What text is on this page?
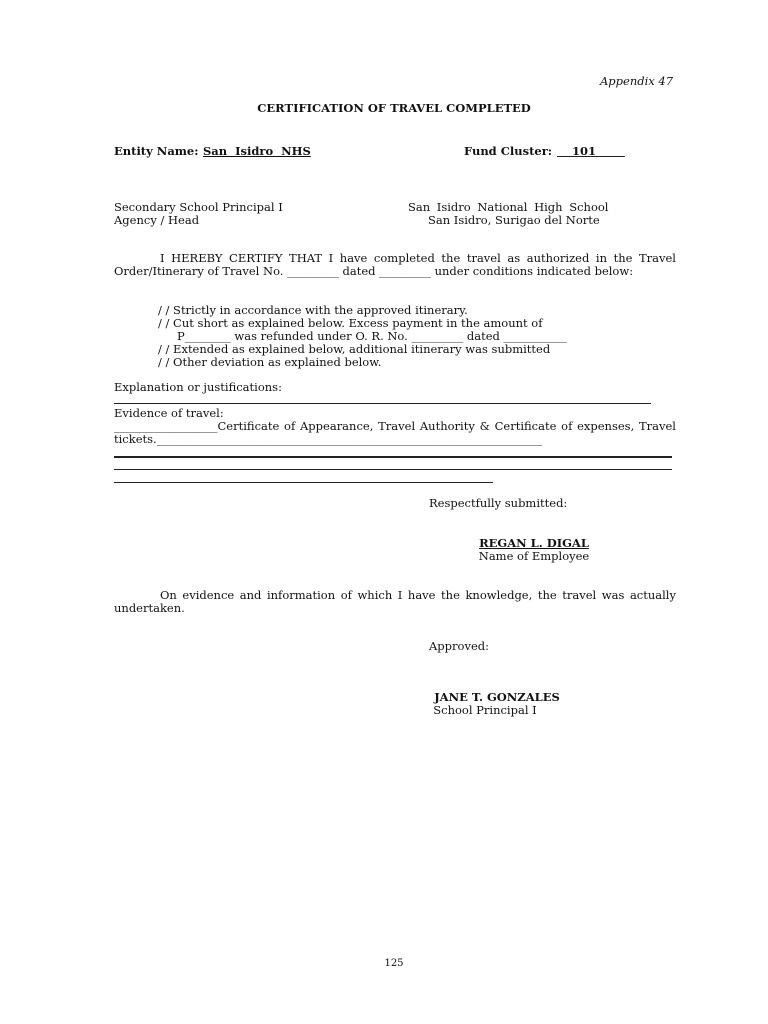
Appendix 47
CERTIFICATION OF TRAVEL COMPLETED
Entity Name: San Isidro NHS	Fund Cluster: 101
Secondary School Principal I
Agency / Head
San Isidro National High School
San Isidro, Surigao del Norte
I HEREBY CERTIFY THAT I have completed the travel as authorized in the Travel
Order/Itinerary of Travel No. _________ dated _________ under conditions indicated below:
/ / Strictly in accordance with the approved itinerary.
/ / Cut short as explained below. Excess payment in the amount of
P________ was refunded under O. R. No. _________ dated ___________
/ / Extended as explained below, additional itinerary was submitted
/ / Other deviation as explained below.
Explanation or justifications:
Evidence of travel:
__________________Certificate of Appearance, Travel Authority & Certificate of expenses, Travel
tickets.___________________________________________________________________
Respectfully submitted:
REGAN L. DIGAL
Name of Employee
On evidence and information of which I have the knowledge, the travel was actually
undertaken.
Approved:
JANE T. GONZALES
School Principal I
125
